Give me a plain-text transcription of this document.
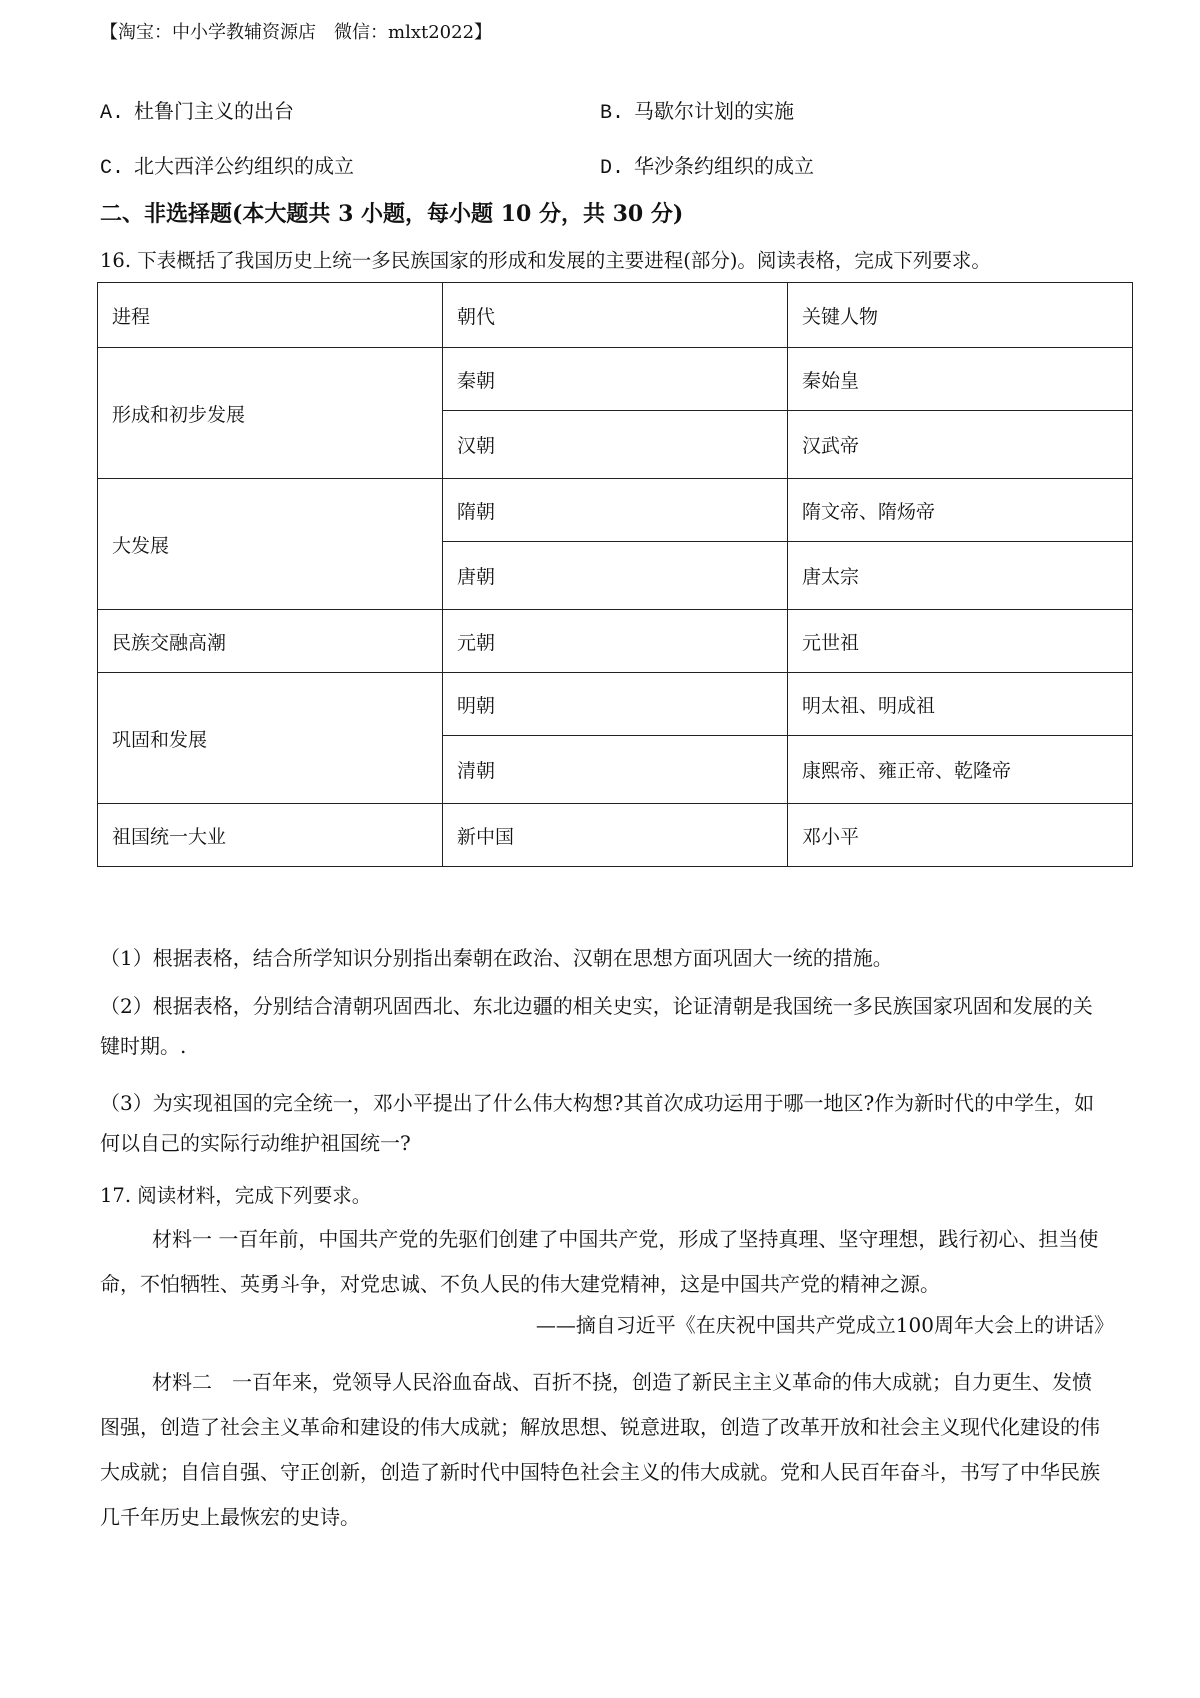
【淘宝：中小学教辅资源店　微信：mlxt2022】
A. 杜鲁门主义的出台	B. 马歇尔计划的实施
C. 北大西洋公约组织的成立	D. 华沙条约组织的成立
二、非选择题(本大题共 3 小题，每小题 10 分，共 30 分)
16. 下表概括了我国历史上统一多民族国家的形成和发展的主要进程(部分)。阅读表格，完成下列要求。
进程	朝代	关键人物
形成和初步发展	秦朝	秦始皇
	汉朝	汉武帝
大发展	隋朝	隋文帝、隋炀帝
	唐朝	唐太宗
民族交融高潮	元朝	元世祖
巩固和发展	明朝	明太祖、明成祖
	清朝	康熙帝、雍正帝、乾隆帝
祖国统一大业	新中国	邓小平
（1）根据表格，结合所学知识分别指出秦朝在政治、汉朝在思想方面巩固大一统的措施。
（2）根据表格，分别结合清朝巩固西北、东北边疆的相关史实，论证清朝是我国统一多民族国家巩固和发展的关键时期。.
（3）为实现祖国的完全统一，邓小平提出了什么伟大构想?其首次成功运用于哪一地区?作为新时代的中学生，如何以自己的实际行动维护祖国统一?
17. 阅读材料，完成下列要求。
材料一 一百年前，中国共产党的先驱们创建了中国共产党，形成了坚持真理、坚守理想，践行初心、担当使命，不怕牺牲、英勇斗争，对党忠诚、不负人民的伟大建党精神，这是中国共产党的精神之源。
——摘自习近平《在庆祝中国共产党成立100周年大会上的讲话》
材料二　一百年来，党领导人民浴血奋战、百折不挠，创造了新民主主义革命的伟大成就；自力更生、发愤图强，创造了社会主义革命和建设的伟大成就；解放思想、锐意进取，创造了改革开放和社会主义现代化建设的伟大成就；自信自强、守正创新，创造了新时代中国特色社会主义的伟大成就。党和人民百年奋斗，书写了中华民族几千年历史上最恢宏的史诗。
